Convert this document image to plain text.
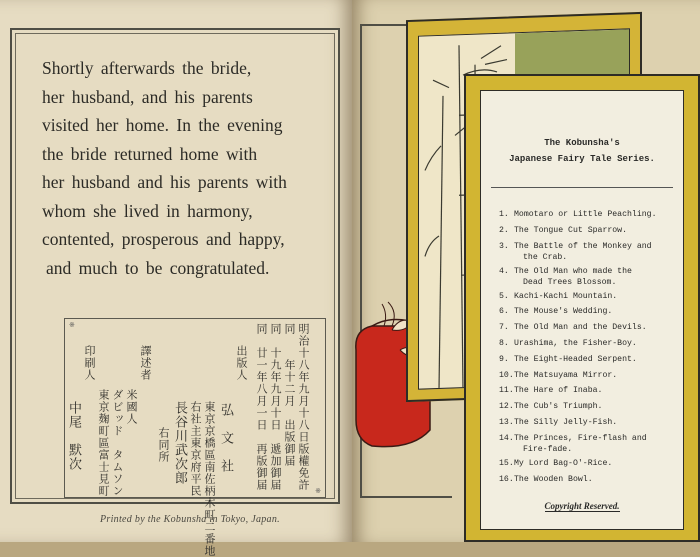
Shortly afterwards the bride,
her husband, and his parents
visited her home. In the evening
the bride returned home with
her husband and his parents with
whom she lived in harmony,
contented, prosperous and happy,
and much to be congratulated.
※
※
明治十八年九月十八日版權免許
同　　年十二月　出版御届
同　十九年九月十日　遞加御届
同　廿一年八月一日　再版御届
出版人
弘　文　社
東京京橋區南佐柄木町二番地
右社主東京府平民
長谷川武次郎
右同所
譯述者
米國人
ダビッド　タムソン
東京麹町區富士見町
印刷人
中尾　默次
Printed by the Kobunsha in Tokyo, Japan.
The Kobunsha's
Japanese Fairy Tale Series.
1. Momotaro or Little Peachling.
2. The Tongue Cut Sparrow.
3. The Battle of the Monkey and
the Crab.
4. The Old Man who made the
Dead Trees Blossom.
5. Kachi-Kachi Mountain.
6. The Mouse's Wedding.
7. The Old Man and the Devils.
8. Urashima, the Fisher-Boy.
9. The Eight-Headed Serpent.
10. The Matsuyama Mirror.
11. The Hare of Inaba.
12. The Cub's Triumph.
13. The Silly Jelly-Fish.
14. The Princes, Fire-flash and
Fire-fade.
15. My Lord Bag-O'-Rice.
16. The Wooden Bowl.
Copyright Reserved.
